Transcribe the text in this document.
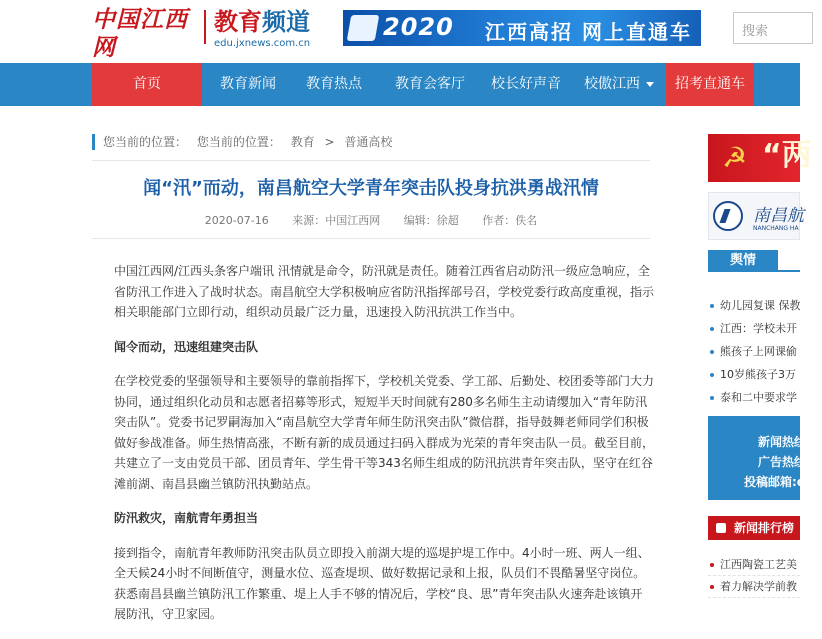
中国江西网
教育频道
edu.jxnews.com.cn
2020 江西高招 网上直通车	搜索
首页	教育新闻	教育热点	教育会客厅	校长好声音	校傲江西	招考直通车
您当前的位置： 您当前的位置： 教育 > 普通高校
闻“汛”而动，南昌航空大学青年突击队投身抗洪勇战汛情
2020-07-16 来源：中国江西网 编辑：徐超 作者：佚名

中国江西网/江西头条客户端讯 汛情就是命令，防汛就是责任。随着江西省启动防汛一级应急响应，全省防汛工作进入了战时状态。南昌航空大学积极响应省防汛指挥部号召，学校党委行政高度重视，指示相关职能部门立即行动，组织动员最广泛力量，迅速投入防汛抗洪工作当中。

闻令而动，迅速组建突击队

在学校党委的坚强领导和主要领导的靠前指挥下，学校机关党委、学工部、后勤处、校团委等部门大力协同，通过组织化动员和志愿者招募等形式，短短半天时间就有280多名师生主动请缨加入“青年防汛突击队”。党委书记罗嗣海加入“南昌航空大学青年师生防汛突击队”微信群，指导鼓舞老师同学们积极做好参战准备。师生热情高涨，不断有新的成员通过扫码入群成为光荣的青年突击队一员。截至目前，共建立了一支由党员干部、团员青年、学生骨干等343名师生组成的防汛抗洪青年突击队，坚守在红谷滩前湖、南昌县幽兰镇防汛执勤站点。

防汛救灾，南航青年勇担当

接到指令，南航青年教师防汛突击队员立即投入前湖大堤的巡堤护堤工作中。4小时一班、两人一组、全天候24小时不间断值守，测量水位、巡查堤坝、做好数据记录和上报，队员们不畏酷暑坚守岗位。获悉南昌县幽兰镇防汛工作繁重、堤上人手不够的情况后，学校“良、思”青年突击队火速奔赴该镇开展防汛，守卫家园。

☭ “两
南昌航
NANCHANG HA
舆情
幼儿园复课 保教
江西：学校未开
熊孩子上网课偷
10岁熊孩子3万
泰和二中要求学
新闻热线
广告热线
投稿邮箱:edu
新闻排行榜
江西陶瓷工艺美
着力解决学前教
